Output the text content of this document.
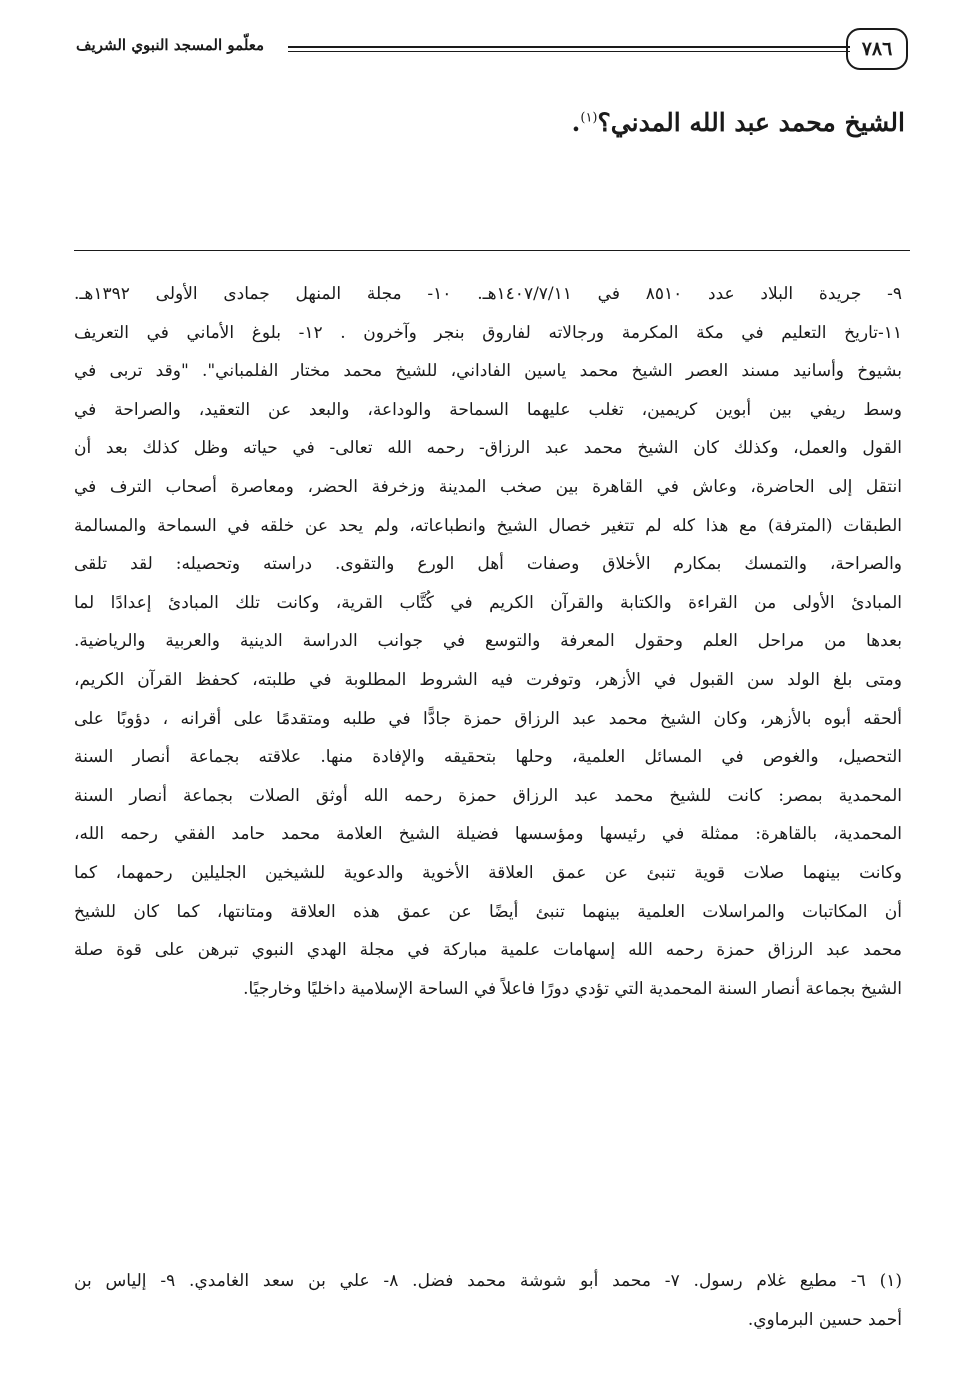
٧٨٦
معلّمو المسجد النبوي الشريف
الشيخ محمد عبد الله المدني؟$^{(١)}$.
٩- جريدة البلاد عدد ٨٥١٠ في ١٤٠٧/٧/١١هـ. ١٠- مجلة المنهل جمادى الأولى ١٣٩٢هـ.
١١-تاريخ التعليم في مكة المكرمة ورجالاته لفاروق بنجر وآخرون . ١٢- بلوغ الأماني في التعريف
بشيوخ وأسانيد مسند العصر الشيخ محمد ياسين الفاداني، للشيخ محمد مختار الفلمباني". "وقد تربى في
وسط ريفي بين أبوين كريمين، تغلب عليهما السماحة والوداعة، والبعد عن التعقيد، والصراحة في
القول والعمل، وكذلك كان الشيخ محمد عبد الرزاق- رحمه الله تعالى- في حياته وظل كذلك بعد أن
انتقل إلى الحاضرة، وعاش في القاهرة بين صخب المدينة وزخرفة الحضر، ومعاصرة أصحاب الترف في
الطبقات (المترفة) مع هذا كله لم تتغير خصال الشيخ وانطباعاته، ولم يحد عن خلقه في السماحة والمسالمة
والصراحة، والتمسك بمكارم الأخلاق وصفات أهل الورع والتقوى. دراسته وتحصيله: لقد تلقى
المبادئ الأولى من القراءة والكتابة والقرآن الكريم في كُتَّاب القرية، وكانت تلك المبادئ إعدادًا لما
بعدها من مراحل العلم وحقول المعرفة والتوسع في جوانب الدراسة الدينية والعربية والرياضية.
ومتى بلغ الولد سن القبول في الأزهر، وتوفرت فيه الشروط المطلوبة في طلبته، كحفظ القرآن الكريم،
ألحقه أبوه بالأزهر، وكان الشيخ محمد عبد الرزاق حمزة جادًّا في طلبه ومتقدمًا على أقرانه ، دؤوبًا على
التحصيل، والغوص في المسائل العلمية، وحلها بتحقيقه والإفادة منها. علاقته بجماعة أنصار السنة
المحمدية بمصر: كانت للشيخ محمد عبد الرزاق حمزة رحمه الله أوثق الصلات بجماعة أنصار السنة
المحمدية، بالقاهرة: ممثلة في رئيسها ومؤسسها فضيلة الشيخ العلامة محمد حامد الفقي رحمه الله،
وكانت بينهما صلات قوية تنبئ عن عمق العلاقة الأخوية والدعوية للشيخين الجليلين رحمهما، كما
أن المكاتبات والمراسلات العلمية بينهما تنبئ أيضًا عن عمق هذه العلاقة ومتانتها، كما كان للشيخ
محمد عبد الرزاق حمزة رحمه الله إسهامات علمية مباركة في مجلة الهدي النبوي تبرهن على قوة صلة
الشيخ بجماعة أنصار السنة المحمدية التي تؤدي دورًا فاعلاً في الساحة الإسلامية داخليًا وخارجيًا.
(١) ٦- مطيع غلام رسول. ٧- محمد أبو شوشة محمد فضل. ٨- علي بن سعد الغامدي. ٩- إلياس بن
أحمد حسين البرماوي.
